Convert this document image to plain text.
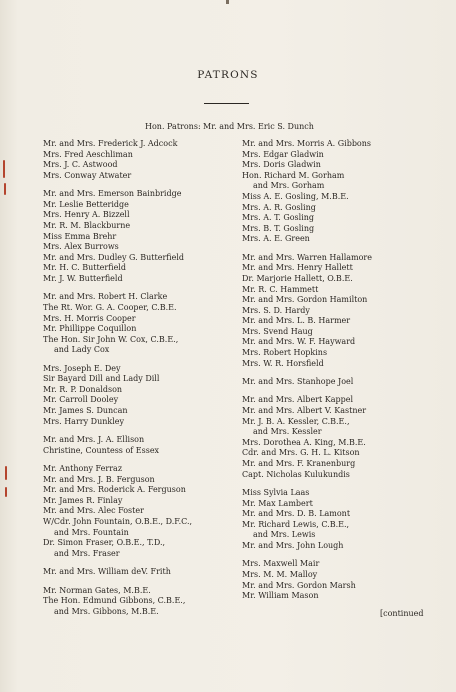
PATRONS
Hon. Patrons: Mr. and Mrs. Eric S. Dunch
Mr. and Mrs. Frederick J. Adcock
Mrs. Fred Aeschliman
Mrs. J. C. Astwood
Mrs. Conway Atwater
Mr. and Mrs. Emerson Bainbridge
Mr. Leslie Betteridge
Mrs. Henry A. Bizzell
Mr. R. M. Blackburne
Miss Emma Brehr
Mrs. Alex Burrows
Mr. and Mrs. Dudley G. Butterfield
Mr. H. C. Butterfield
Mr. J. W. Butterfield
Mr. and Mrs. Robert H. Clarke
The Rt. Wor. G. A. Cooper, C.B.E.
Mrs. H. Morris Cooper
Mr. Phillippe Coquillon
The Hon. Sir John W. Cox, C.B.E.,
and Lady Cox
Mrs. Joseph E. Dey
Sir Bayard Dill and Lady Dill
Mr. R. P. Donaldson
Mr. Carroll Dooley
Mr. James S. Duncan
Mrs. Harry Dunkley
Mr. and Mrs. J. A. Ellison
Christine, Countess of Essex
Mr. Anthony Ferraz
Mr. and Mrs. J. B. Ferguson
Mr. and Mrs. Roderick A. Ferguson
Mr. James R. Finlay
Mr. and Mrs. Alec Foster
W/Cdr. John Fountain, O.B.E., D.F.C.,
and Mrs. Fountain
Dr. Simon Fraser, O.B.E., T.D.,
and Mrs. Fraser
Mr. and Mrs. William deV. Frith
Mr. Norman Gates, M.B.E.
The Hon. Edmund Gibbons, C.B.E.,
and Mrs. Gibbons, M.B.E.
Mr. and Mrs. Morris A. Gibbons
Mrs. Edgar Gladwin
Mrs. Doris Gladwin
Hon. Richard M. Gorham
and Mrs. Gorham
Miss A. E. Gosling, M.B.E.
Mrs. A. R. Gosling
Mrs. A. T. Gosling
Mrs. B. T. Gosling
Mrs. A. E. Green
Mr. and Mrs. Warren Hallamore
Mr. and Mrs. Henry Hallett
Dr. Marjorie Hallett, O.B.E.
Mr. R. C. Hammett
Mr. and Mrs. Gordon Hamilton
Mrs. S. D. Hardy
Mr. and Mrs. L. B. Harmer
Mrs. Svend Haug
Mr. and Mrs. W. F. Hayward
Mrs. Robert Hopkins
Mrs. W. R. Horsfield
Mr. and Mrs. Stanhope Joel
Mr. and Mrs. Albert Kappel
Mr. and Mrs. Albert V. Kastner
Mr. J. B. A. Kessler, C.B.E.,
and Mrs. Kessler
Mrs. Dorothea A. King, M.B.E.
Cdr. and Mrs. G. H. L. Kitson
Mr. and Mrs. F. Kranenburg
Capt. Nicholas Kulukundis
Miss Sylvia Laas
Mr. Max Lambert
Mr. and Mrs. D. B. Lamont
Mr. Richard Lewis, C.B.E.,
and Mrs. Lewis
Mr. and Mrs. John Lough
Mrs. Maxwell Mair
Mrs. M. M. Malloy
Mr. and Mrs. Gordon Marsh
Mr. William Mason
[continued
